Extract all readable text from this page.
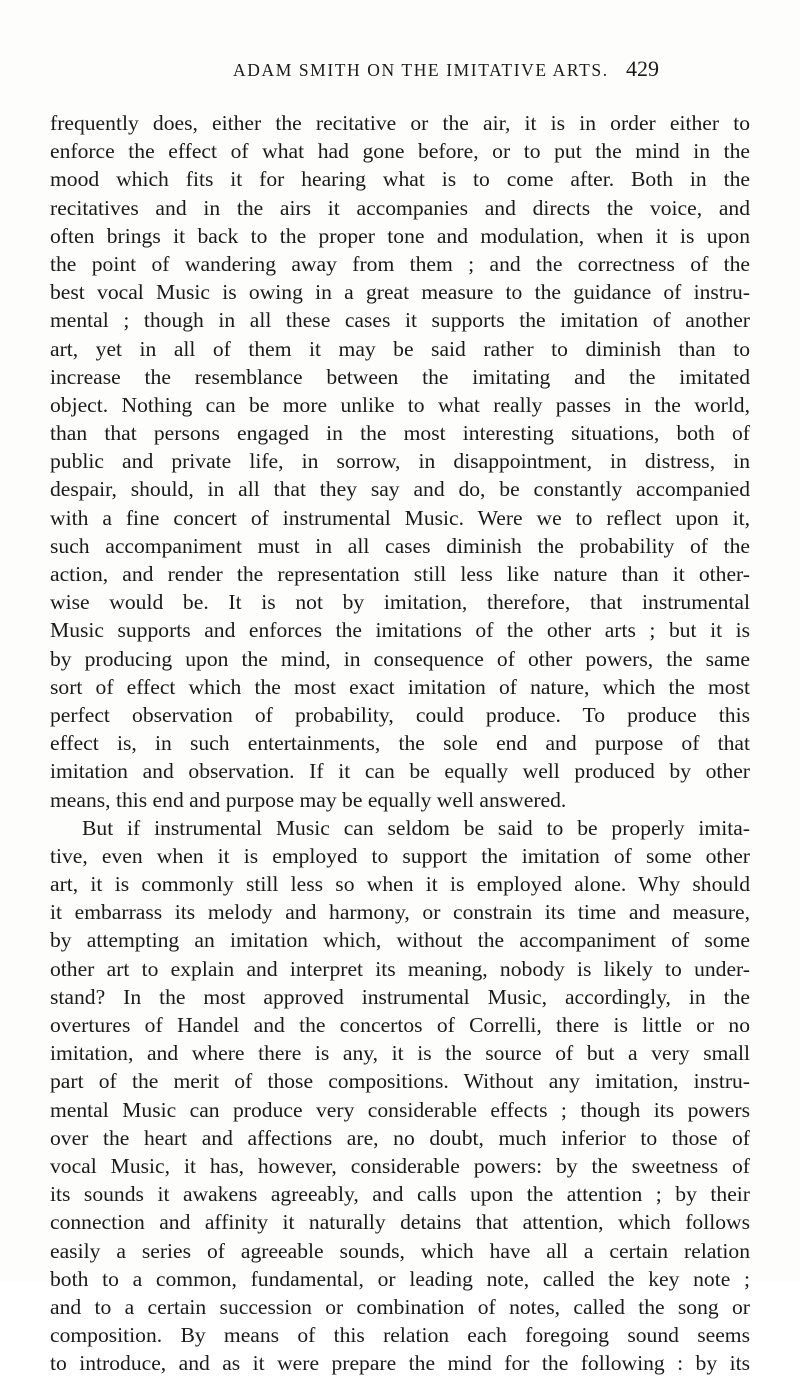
ADAM SMITH ON THE IMITATIVE ARTS. 429
frequently does, either the recitative or the air, it is in order either to
enforce the effect of what had gone before, or to put the mind in the
mood which fits it for hearing what is to come after. Both in the
recitatives and in the airs it accompanies and directs the voice, and
often brings it back to the proper tone and modulation, when it is upon
the point of wandering away from them ; and the correctness of the
best vocal Music is owing in a great measure to the guidance of instru-
mental ; though in all these cases it supports the imitation of another
art, yet in all of them it may be said rather to diminish than to
increase the resemblance between the imitating and the imitated
object. Nothing can be more unlike to what really passes in the world,
than that persons engaged in the most interesting situations, both of
public and private life, in sorrow, in disappointment, in distress, in
despair, should, in all that they say and do, be constantly accompanied
with a fine concert of instrumental Music. Were we to reflect upon it,
such accompaniment must in all cases diminish the probability of the
action, and render the representation still less like nature than it other-
wise would be. It is not by imitation, therefore, that instrumental
Music supports and enforces the imitations of the other arts ; but it is
by producing upon the mind, in consequence of other powers, the same
sort of effect which the most exact imitation of nature, which the most
perfect observation of probability, could produce. To produce this
effect is, in such entertainments, the sole end and purpose of that
imitation and observation. If it can be equally well produced by other
means, this end and purpose may be equally well answered.
But if instrumental Music can seldom be said to be properly imita-
tive, even when it is employed to support the imitation of some other
art, it is commonly still less so when it is employed alone. Why should
it embarrass its melody and harmony, or constrain its time and measure,
by attempting an imitation which, without the accompaniment of some
other art to explain and interpret its meaning, nobody is likely to under-
stand? In the most approved instrumental Music, accordingly, in the
overtures of Handel and the concertos of Correlli, there is little or no
imitation, and where there is any, it is the source of but a very small
part of the merit of those compositions. Without any imitation, instru-
mental Music can produce very considerable effects ; though its powers
over the heart and affections are, no doubt, much inferior to those of
vocal Music, it has, however, considerable powers: by the sweetness of
its sounds it awakens agreeably, and calls upon the attention ; by their
connection and affinity it naturally detains that attention, which follows
easily a series of agreeable sounds, which have all a certain relation
both to a common, fundamental, or leading note, called the key note ;
and to a certain succession or combination of notes, called the song or
composition. By means of this relation each foregoing sound seems
to introduce, and as it were prepare the mind for the following : by its
